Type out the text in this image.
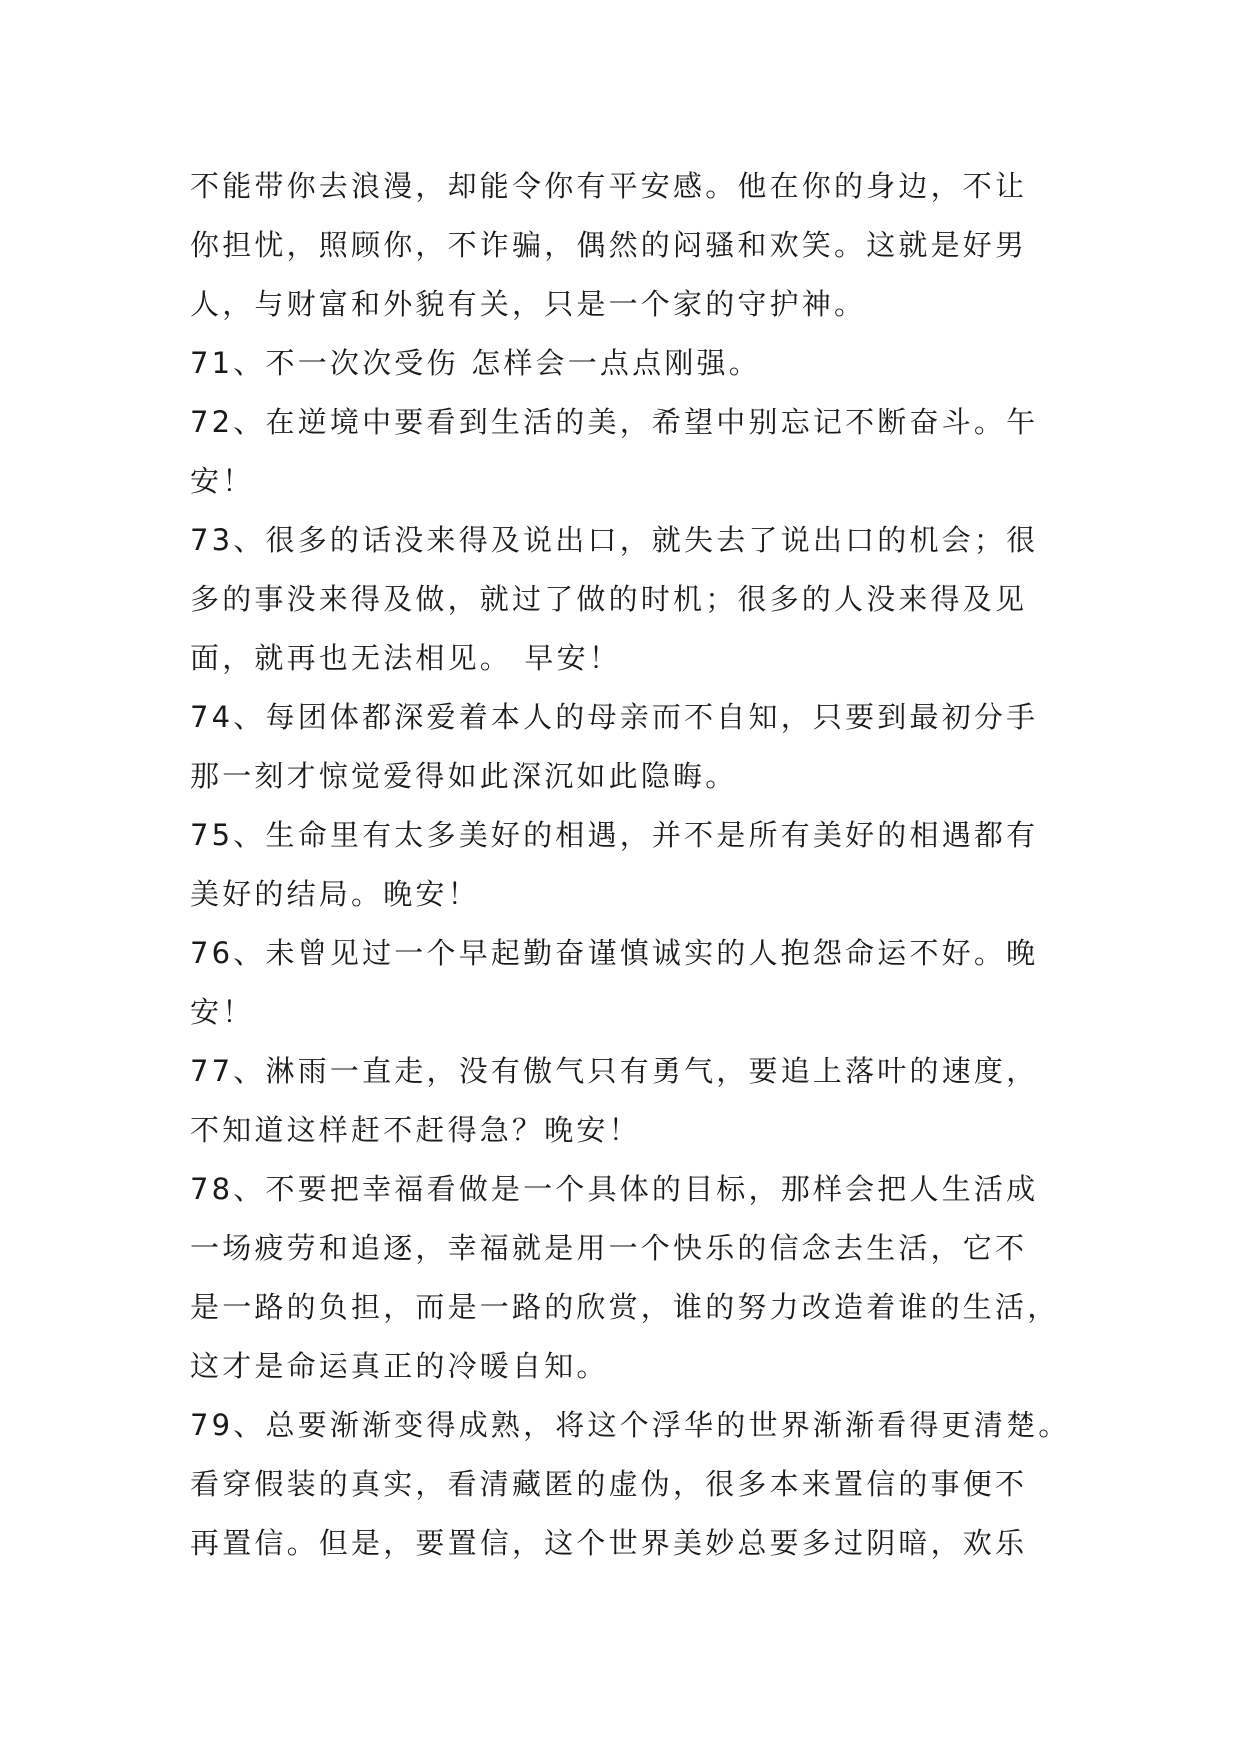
不能带你去浪漫，却能令你有平安感。他在你的身边，不让
你担忧，照顾你，不诈骗，偶然的闷骚和欢笑。这就是好男
人，与财富和外貌有关，只是一个家的守护神。
71、不一次次受伤 怎样会一点点刚强。
72、在逆境中要看到生活的美，希望中别忘记不断奋斗。午
安！
73、很多的话没来得及说出口，就失去了说出口的机会；很
多的事没来得及做，就过了做的时机；很多的人没来得及见
面，就再也无法相见。 早安！
74、每团体都深爱着本人的母亲而不自知，只要到最初分手
那一刻才惊觉爱得如此深沉如此隐晦。
75、生命里有太多美好的相遇，并不是所有美好的相遇都有
美好的结局。晚安！
76、未曾见过一个早起勤奋谨慎诚实的人抱怨命运不好。晚
安！
77、淋雨一直走，没有傲气只有勇气，要追上落叶的速度，
不知道这样赶不赶得急？晚安！
78、不要把幸福看做是一个具体的目标，那样会把人生活成
一场疲劳和追逐，幸福就是用一个快乐的信念去生活，它不
是一路的负担，而是一路的欣赏，谁的努力改造着谁的生活，
这才是命运真正的冷暖自知。
79、总要渐渐变得成熟，将这个浮华的世界渐渐看得更清楚。
看穿假装的真实，看清藏匿的虚伪，很多本来置信的事便不
再置信。但是，要置信，这个世界美妙总要多过阴暗，欢乐
